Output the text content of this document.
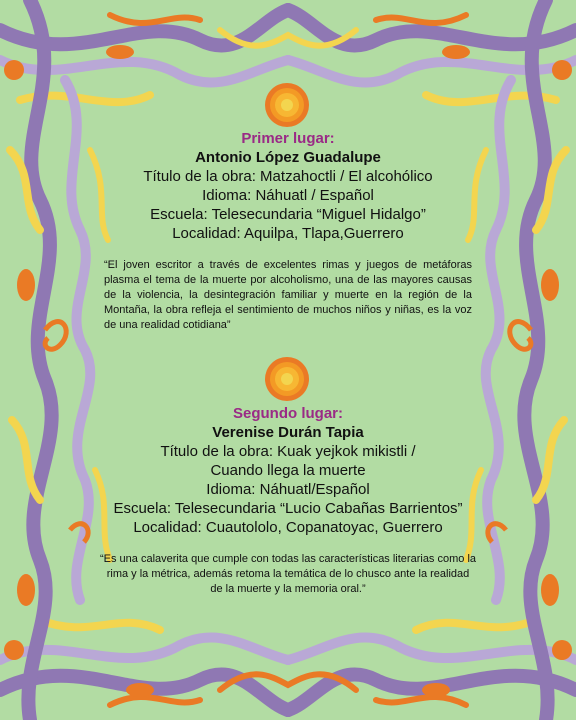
Primer lugar:
Antonio López Guadalupe
Título de la obra: Matzahoctli / El alcohólico
Idioma: Náhuatl / Español
Escuela: Telesecundaria “Miguel Hidalgo”
Localidad: Aquilpa, Tlapa,Guerrero
“El joven escritor a través de excelentes rimas y juegos de metáforas plasma el tema de la muerte por alcoholismo, una de las mayores causas de la violencia, la desintegración familiar y muerte en la región de la Montaña, la obra refleja el sentimiento de muchos niños y niñas, es la voz de una realidad cotidiana”
Segundo lugar:
Verenise Durán Tapia
Título de la obra: Kuak yejkok mikistli /
Cuando llega la muerte
Idioma: Náhuatl/Español
Escuela: Telesecundaria “Lucio Cabañas Barrientos”
Localidad: Cuautololo, Copanatoyac, Guerrero
“Es una calaverita que cumple con todas las características literarias como la rima y la métrica, además retoma la temática de lo chusco ante la realidad de la muerte y la memoria oral.”
